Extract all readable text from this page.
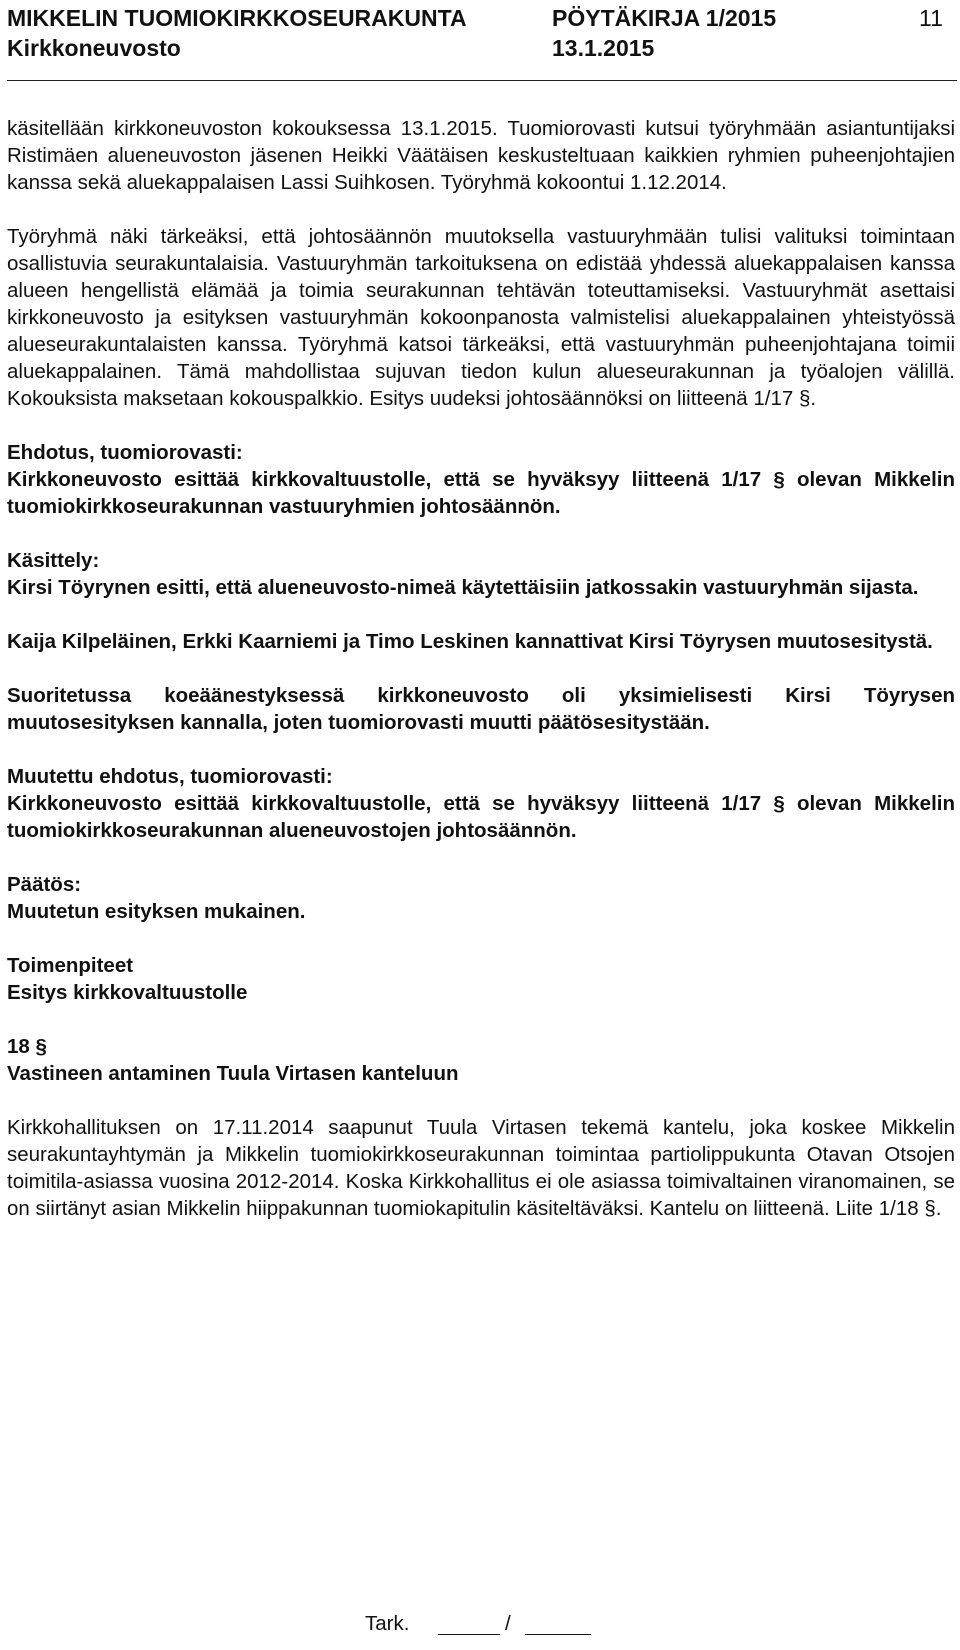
MIKKELIN TUOMIOKIRKKOSEURAKUNTA	PÖYTÄKIRJA 1/2015	11
Kirkkoneuvosto	13.1.2015

käsitellään kirkkoneuvoston kokouksessa 13.1.2015. Tuomiorovasti kutsui työryhmään asiantuntijaksi Ristimäen alueneuvoston jäsenen Heikki Väätäisen keskusteltuaan kaikkien ryhmien puheenjohtajien kanssa sekä aluekappalaisen Lassi Suihkosen. Työryhmä kokoontui 1.12.2014.

Työryhmä näki tärkeäksi, että johtosäännön muutoksella vastuuryhmään tulisi valituksi toimintaan osallistuvia seurakuntalaisia. Vastuuryhmän tarkoituksena on edistää yhdessä aluekappalaisen kanssa alueen hengellistä elämää ja toimia seurakunnan tehtävän toteuttamiseksi. Vastuuryhmät asettaisi kirkkoneuvosto ja esityksen vastuuryhmän kokoonpanosta valmistelisi aluekappalainen yhteistyössä alueseurakuntalaisten kanssa. Työryhmä katsoi tärkeäksi, että vastuuryhmän puheenjohtajana toimii aluekappalainen. Tämä mahdollistaa sujuvan tiedon kulun alueseurakunnan ja työalojen välillä. Kokouksista maksetaan kokouspalkkio. Esitys uudeksi johtosäännöksi on liitteenä 1/17 §.

Ehdotus, tuomiorovasti:

Kirkkoneuvosto esittää kirkkovaltuustolle, että se hyväksyy liitteenä 1/17 § olevan Mikkelin tuomiokirkkoseurakunnan vastuuryhmien johtosäännön.

Käsittely:

Kirsi Töyrynen esitti, että alueneuvosto-nimeä käytettäisiin jatkossakin vastuuryhmän sijasta.

Kaija Kilpeläinen, Erkki Kaarniemi ja Timo Leskinen kannattivat Kirsi Töyrysen muutosesitystä.

Suoritetussa koeäänestyksessä kirkkoneuvosto oli yksimielisesti Kirsi Töyrysen muutosesityksen kannalla, joten tuomiorovasti muutti päätösesitystään.

Muutettu ehdotus, tuomiorovasti:

Kirkkoneuvosto esittää kirkkovaltuustolle, että se hyväksyy liitteenä 1/17 § olevan Mikkelin tuomiokirkkoseurakunnan alueneuvostojen johtosäännön.

Päätös:

Muutetun esityksen mukainen.

Toimenpiteet

Esitys kirkkovaltuustolle

18 §

Vastineen antaminen Tuula Virtasen kanteluun

Kirkkohallituksen on 17.11.2014 saapunut Tuula Virtasen tekemä kantelu, joka koskee Mikkelin seurakuntayhtymän ja Mikkelin tuomiokirkkoseurakunnan toimintaa partiolippukunta Otavan Otsojen toimitila-asiassa vuosina 2012-2014. Koska Kirkkohallitus ei ole asiassa toimivaltainen viranomainen, se on siirtänyt asian Mikkelin hiippakunnan tuomiokapitulin käsiteltäväksi. Kantelu on liitteenä. Liite 1/18 §.

Tark.	/
